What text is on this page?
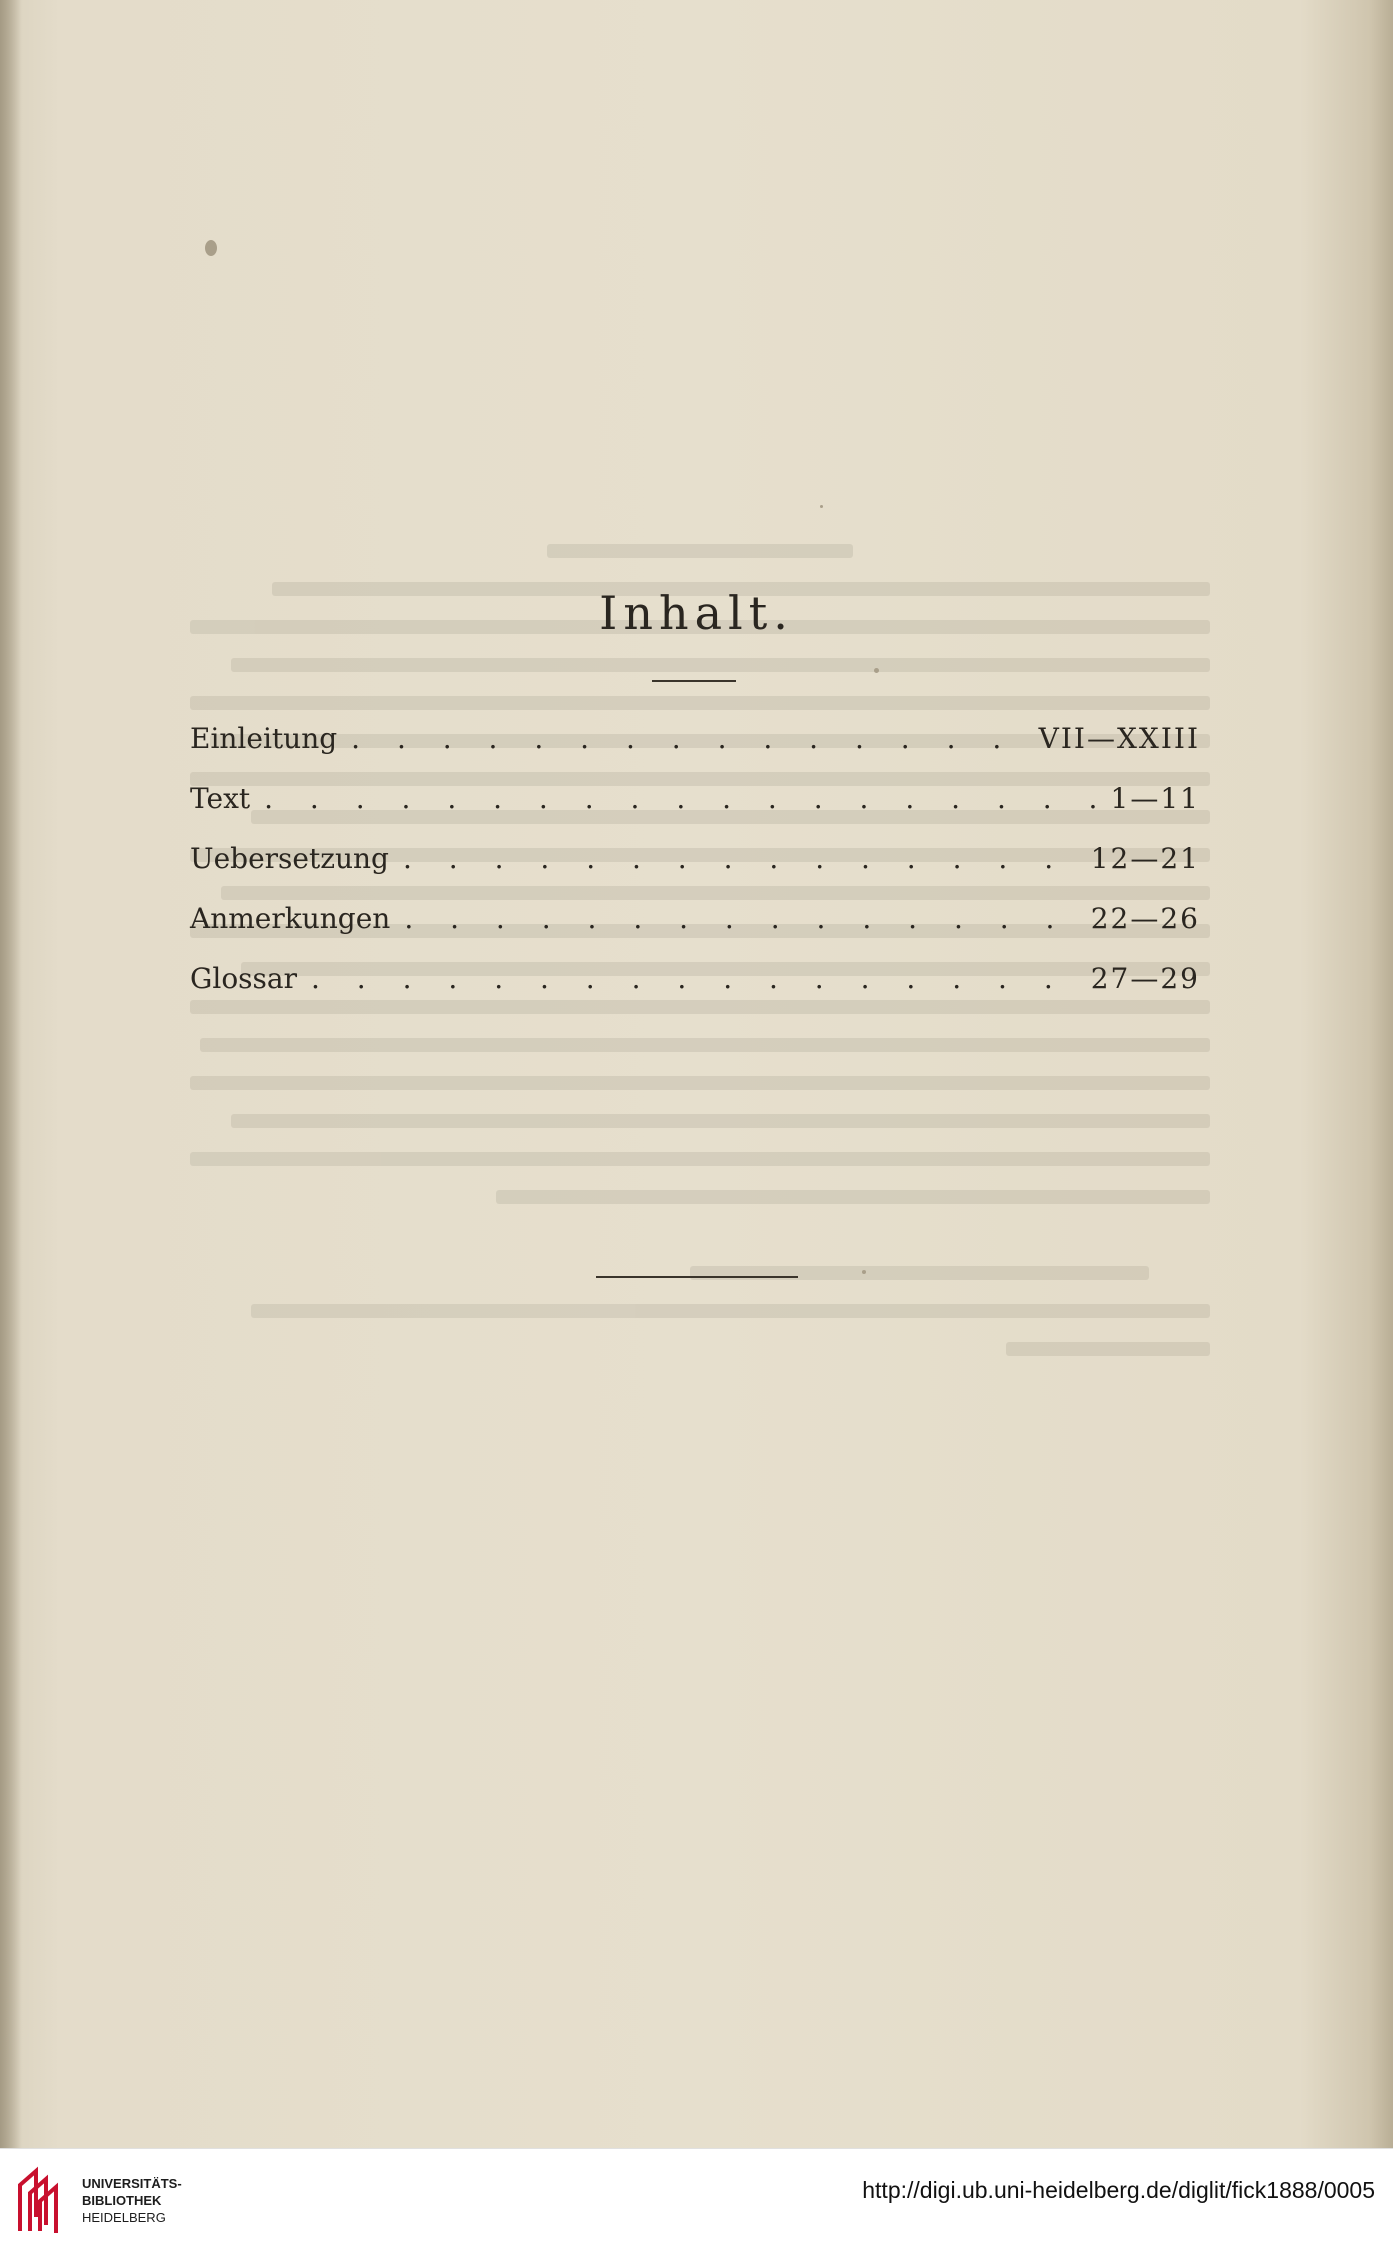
Inhalt.
Einleitung . . .	VII—XXIII
Text . . .	1—11
Uebersetzung . . .	12—21
Anmerkungen . . .	22—26
Glossar . . .	27—29
UNIVERSITÄTS-
BIBLIOTHEK
HEIDELBERG
http://digi.ub.uni-heidelberg.de/diglit/fick1888/0005
